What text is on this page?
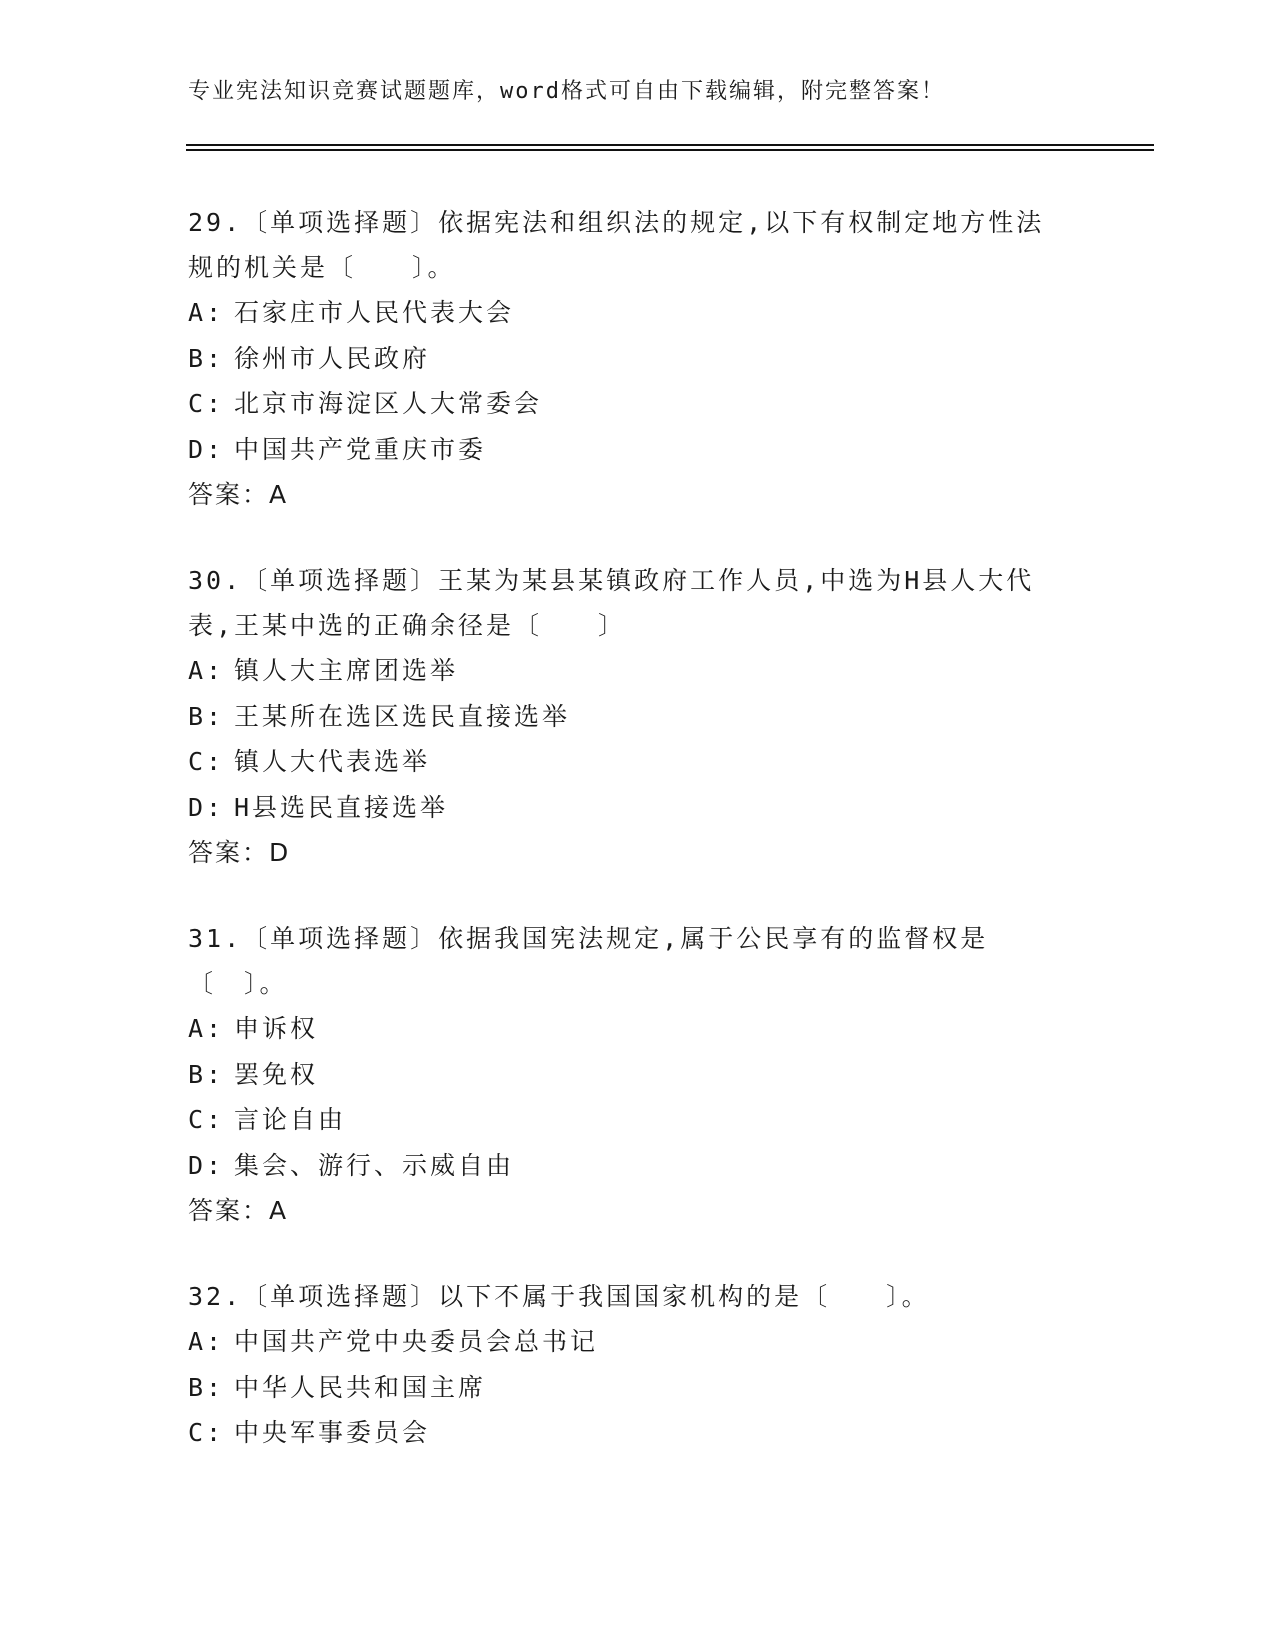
专业宪法知识竞赛试题题库，word格式可自由下载编辑，附完整答案！

29.〔单项选择题〕依据宪法和组织法的规定,以下有权制定地方性法规的机关是〔　　〕。

A: 石家庄市人民代表大会

B: 徐州市人民政府

C: 北京市海淀区人大常委会

D: 中国共产党重庆市委

答案：A

30.〔单项选择题〕王某为某县某镇政府工作人员,中选为H县人大代表,王某中选的正确余径是〔　　〕

A: 镇人大主席团选举

B: 王某所在选区选民直接选举

C: 镇人大代表选举

D: H县选民直接选举

答案：D

31.〔单项选择题〕依据我国宪法规定,属于公民享有的监督权是〔　〕。

A: 申诉权

B: 罢免权

C: 言论自由

D: 集会、游行、示威自由

答案：A

32.〔单项选择题〕以下不属于我国国家机构的是〔　　〕。

A: 中国共产党中央委员会总书记

B: 中华人民共和国主席

C: 中央军事委员会
